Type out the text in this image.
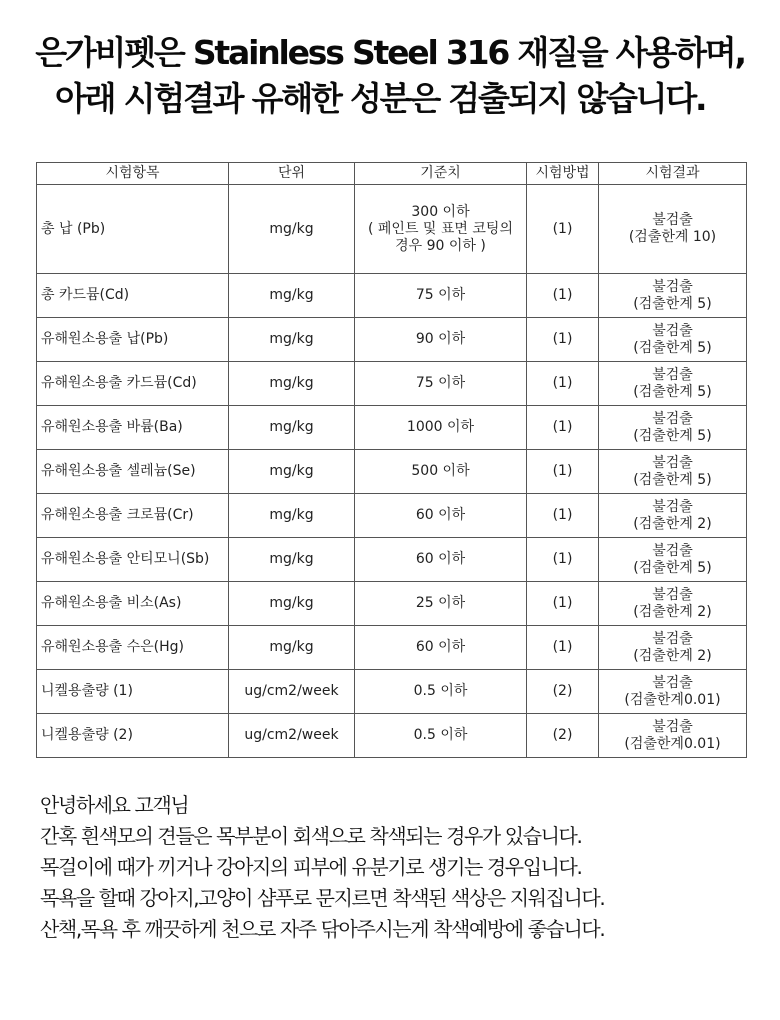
은가비펫은 Stainless Steel 316 재질을 사용하며,
아래 시험결과 유해한 성분은 검출되지 않습니다.
시험항목	단위	기준치	시험방법	시험결과
총 납 (Pb)	mg/kg	300 이하
( 페인트 및 표면 코팅의
경우 90 이하 )	(1)	불검출
(검출한계 10)

총 카드뮴(Cd)	mg/kg	75 이하	(1)	불검출
(검출한계 5)

유해원소용출 납(Pb)	mg/kg	90 이하	(1)	불검출
(검출한계 5)

유해원소용출 카드뮴(Cd)	mg/kg	75 이하	(1)	불검출
(검출한계 5)

유해원소용출 바륨(Ba)	mg/kg	1000 이하	(1)	불검출
(검출한계 5)

유해원소용출 셀레늄(Se)	mg/kg	500 이하	(1)	불검출
(검출한계 5)

유해원소용출 크로뮴(Cr)	mg/kg	60 이하	(1)	불검출
(검출한계 2)

유해원소용출 안티모니(Sb)	mg/kg	60 이하	(1)	불검출
(검출한계 5)

유해원소용출 비소(As)	mg/kg	25 이하	(1)	불검출
(검출한계 2)

유해원소용출 수은(Hg)	mg/kg	60 이하	(1)	불검출
(검출한계 2)

니켈용출량 (1)	ug/cm2/week	0.5 이하	(2)	불검출
(검출한계0.01)

니켈용출량 (2)	ug/cm2/week	0.5 이하	(2)	불검출
(검출한계0.01)
안녕하세요 고객님
간혹 흰색모의 견들은 목부분이 회색으로 착색되는 경우가 있습니다.
목걸이에 때가 끼거나 강아지의 피부에 유분기로 생기는 경우입니다.
목욕을 할때 강아지,고양이 샴푸로 문지르면 착색된 색상은 지워집니다.
산책,목욕 후 깨끗하게 천으로 자주 닦아주시는게 착색예방에 좋습니다.
